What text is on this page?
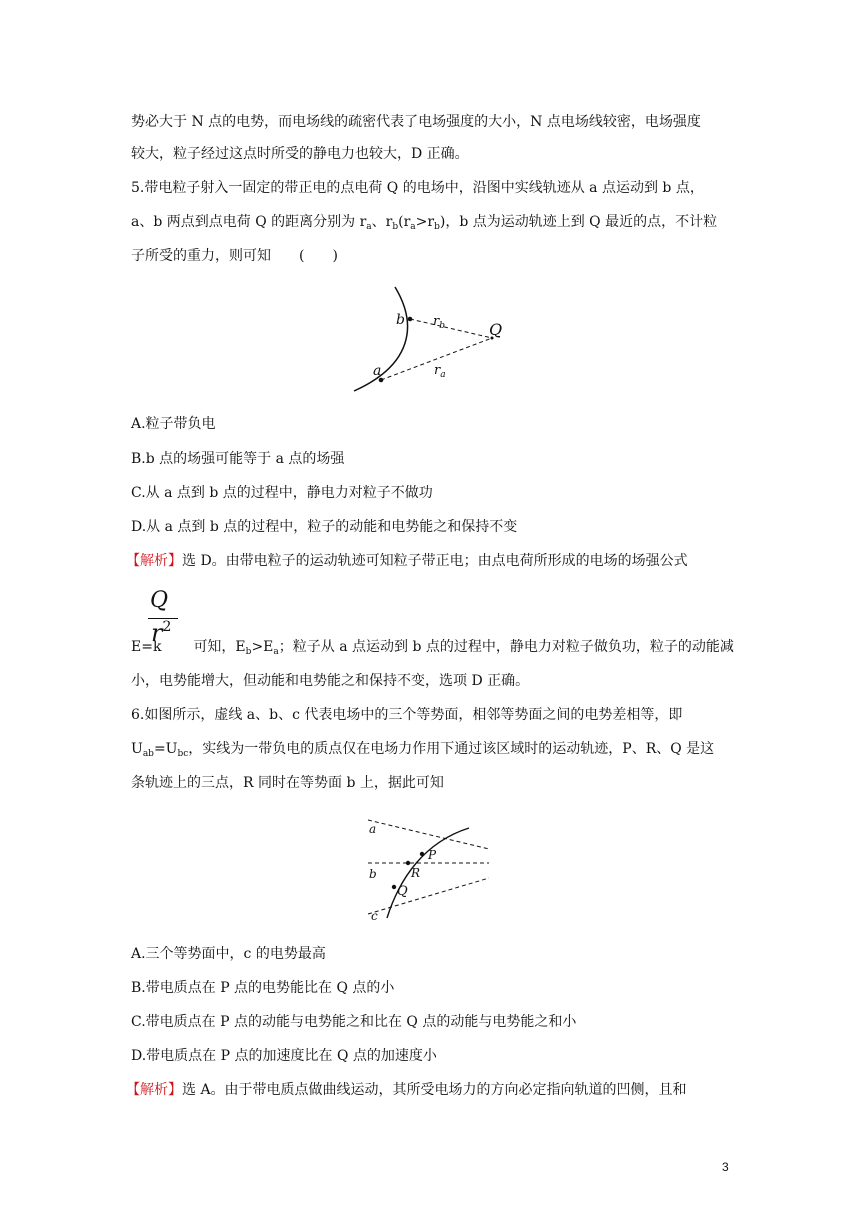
势必大于 N 点的电势，而电场线的疏密代表了电场强度的大小，N 点电场线较密，电场强度
较大，粒子经过这点时所受的静电力也较大，D 正确。
5.带电粒子射入一固定的带正电的点电荷 Q 的电场中，沿图中实线轨迹从 a 点运动到 b 点，
a、b 两点到点电荷 Q 的距离分别为 $r_a$、$r_b(r_a>r_b)$，b 点为运动轨迹上到 Q 最近的点，不计粒
子所受的重力，则可知　　(　　)
b $r_b$	Q
a	$r_a$
A.粒子带负电
B.b 点的场强可能等于 a 点的场强
C.从 a 点到 b 点的过程中，静电力对粒子不做功
D.从 a 点到 b 点的过程中，粒子的动能和电势能之和保持不变
【解析】选 D。由带电粒子的运动轨迹可知粒子带正电；由点电荷所形成的电场的场强公式
Q
$r^2$
E=k 可知，$E_b>E_a$；粒子从 a 点运动到 b 点的过程中，静电力对粒子做负功，粒子的动能减
小，电势能增大，但动能和电势能之和保持不变，选项 D 正确。
6.如图所示，虚线 a、b、c 代表电场中的三个等势面，相邻等势面之间的电势差相等，即
$U_{ab}=U_{bc}$，实线为一带负电的质点仅在电场力作用下通过该区域时的运动轨迹，P、R、Q 是这
条轨迹上的三点，R 同时在等势面 b 上，据此可知
a
b
c
P
R
Q
A.三个等势面中，c 的电势最高
B.带电质点在 P 点的电势能比在 Q 点的小
C.带电质点在 P 点的动能与电势能之和比在 Q 点的动能与电势能之和小
D.带电质点在 P 点的加速度比在 Q 点的加速度小
【解析】选 A。由于带电质点做曲线运动，其所受电场力的方向必定指向轨道的凹侧，且和
3
